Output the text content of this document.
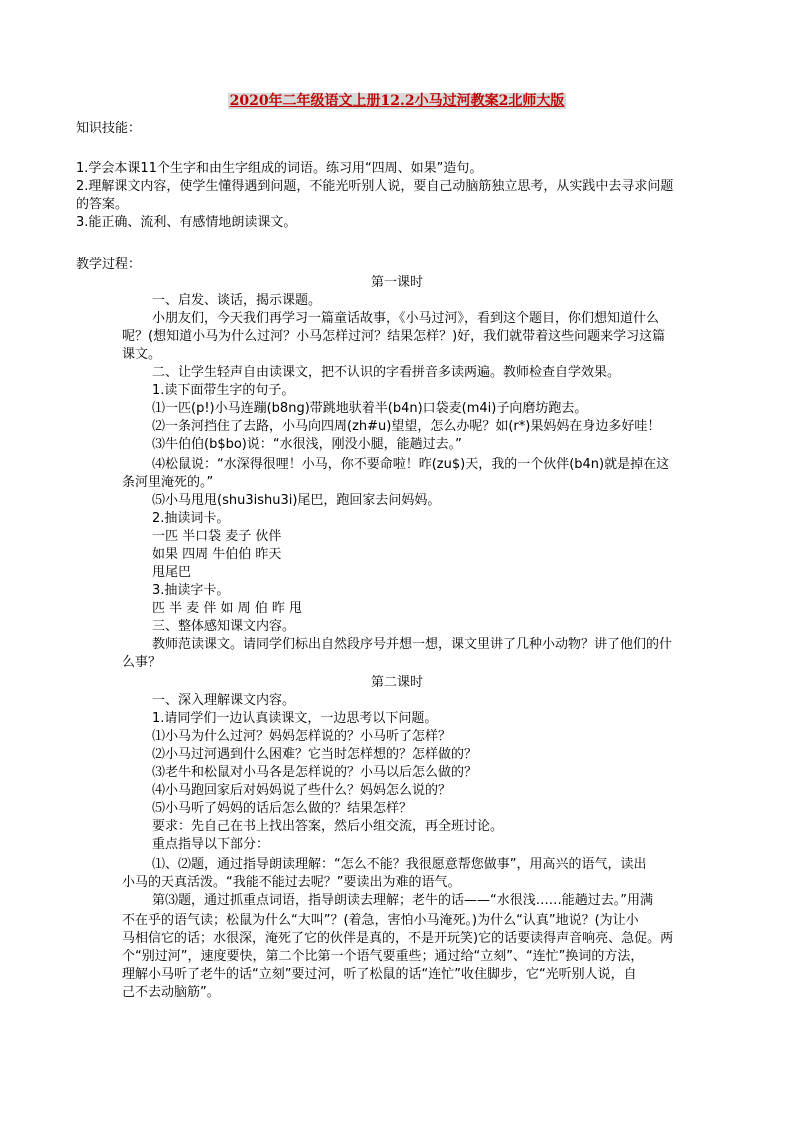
2020年二年级语文上册12.2小马过河教案2北师大版
知识技能：
1.学会本课11个生字和由生字组成的词语。练习用“四周、如果”造句。
2.理解课文内容，使学生懂得遇到问题，不能光听别人说，要自己动脑筋独立思考，从实践中去寻求问题
的答案。
3.能正确、流利、有感情地朗读课文。
教学过程：
第一课时
一、启发、谈话，揭示课题。
小朋友们，今天我们再学习一篇童话故事，《小马过河》，看到这个题目，你们想知道什么
呢？(想知道小马为什么过河？小马怎样过河？结果怎样？)好，我们就带着这些问题来学习这篇
课文。
二、让学生轻声自由读课文，把不认识的字看拼音多读两遍。教师检查自学效果。
1.读下面带生字的句子。
⑴一匹(p!)小马连蹦(b8ng)带跳地驮着半(b4n)口袋麦(m4i)子向磨坊跑去。
⑵一条河挡住了去路，小马向四周(zh#u)望望，怎么办呢？如(r*)果妈妈在身边多好哇！
⑶牛伯伯(b$bo)说：“水很浅，刚没小腿，能趟过去。”
⑷松鼠说：“水深得很哩！小马，你不要命啦！昨(zu$)天，我的一个伙伴(b4n)就是掉在这
条河里淹死的。”
⑸小马甩甩(shu3ishu3i)尾巴，跑回家去问妈妈。
2.抽读词卡。
一匹 半口袋 麦子 伙伴
如果 四周 牛伯伯 昨天
甩尾巴
3.抽读字卡。
匹 半 麦 伴 如 周 伯 昨 甩
三、整体感知课文内容。
教师范读课文。请同学们标出自然段序号并想一想，课文里讲了几种小动物？讲了他们的什
么事？
第二课时
一、深入理解课文内容。
1.请同学们一边认真读课文，一边思考以下问题。
⑴小马为什么过河？妈妈怎样说的？小马听了怎样？
⑵小马过河遇到什么困难？它当时怎样想的？怎样做的？
⑶老牛和松鼠对小马各是怎样说的？小马以后怎么做的？
⑷小马跑回家后对妈妈说了些什么？妈妈怎么说的？
⑸小马听了妈妈的话后怎么做的？结果怎样？
要求：先自己在书上找出答案，然后小组交流，再全班讨论。
重点指导以下部分：
⑴、⑵题，通过指导朗读理解：“怎么不能？我很愿意帮您做事”，用高兴的语气，读出
小马的天真活泼。“我能不能过去呢？”要读出为难的语气。
第⑶题，通过抓重点词语，指导朗读去理解；老牛的话——“水很浅……能趟过去。”用满
不在乎的语气读；松鼠为什么“大叫”？(着急，害怕小马淹死。)为什么“认真”地说？(为让小
马相信它的话；水很深，淹死了它的伙伴是真的，不是开玩笑)它的话要读得声音响亮、急促。两
个“别过河”，速度要快，第二个比第一个语气要重些；通过给“立刻”、“连忙”换词的方法，
理解小马听了老牛的话“立刻”要过河，听了松鼠的话“连忙”收住脚步，它“光听别人说，自
己不去动脑筋”。
